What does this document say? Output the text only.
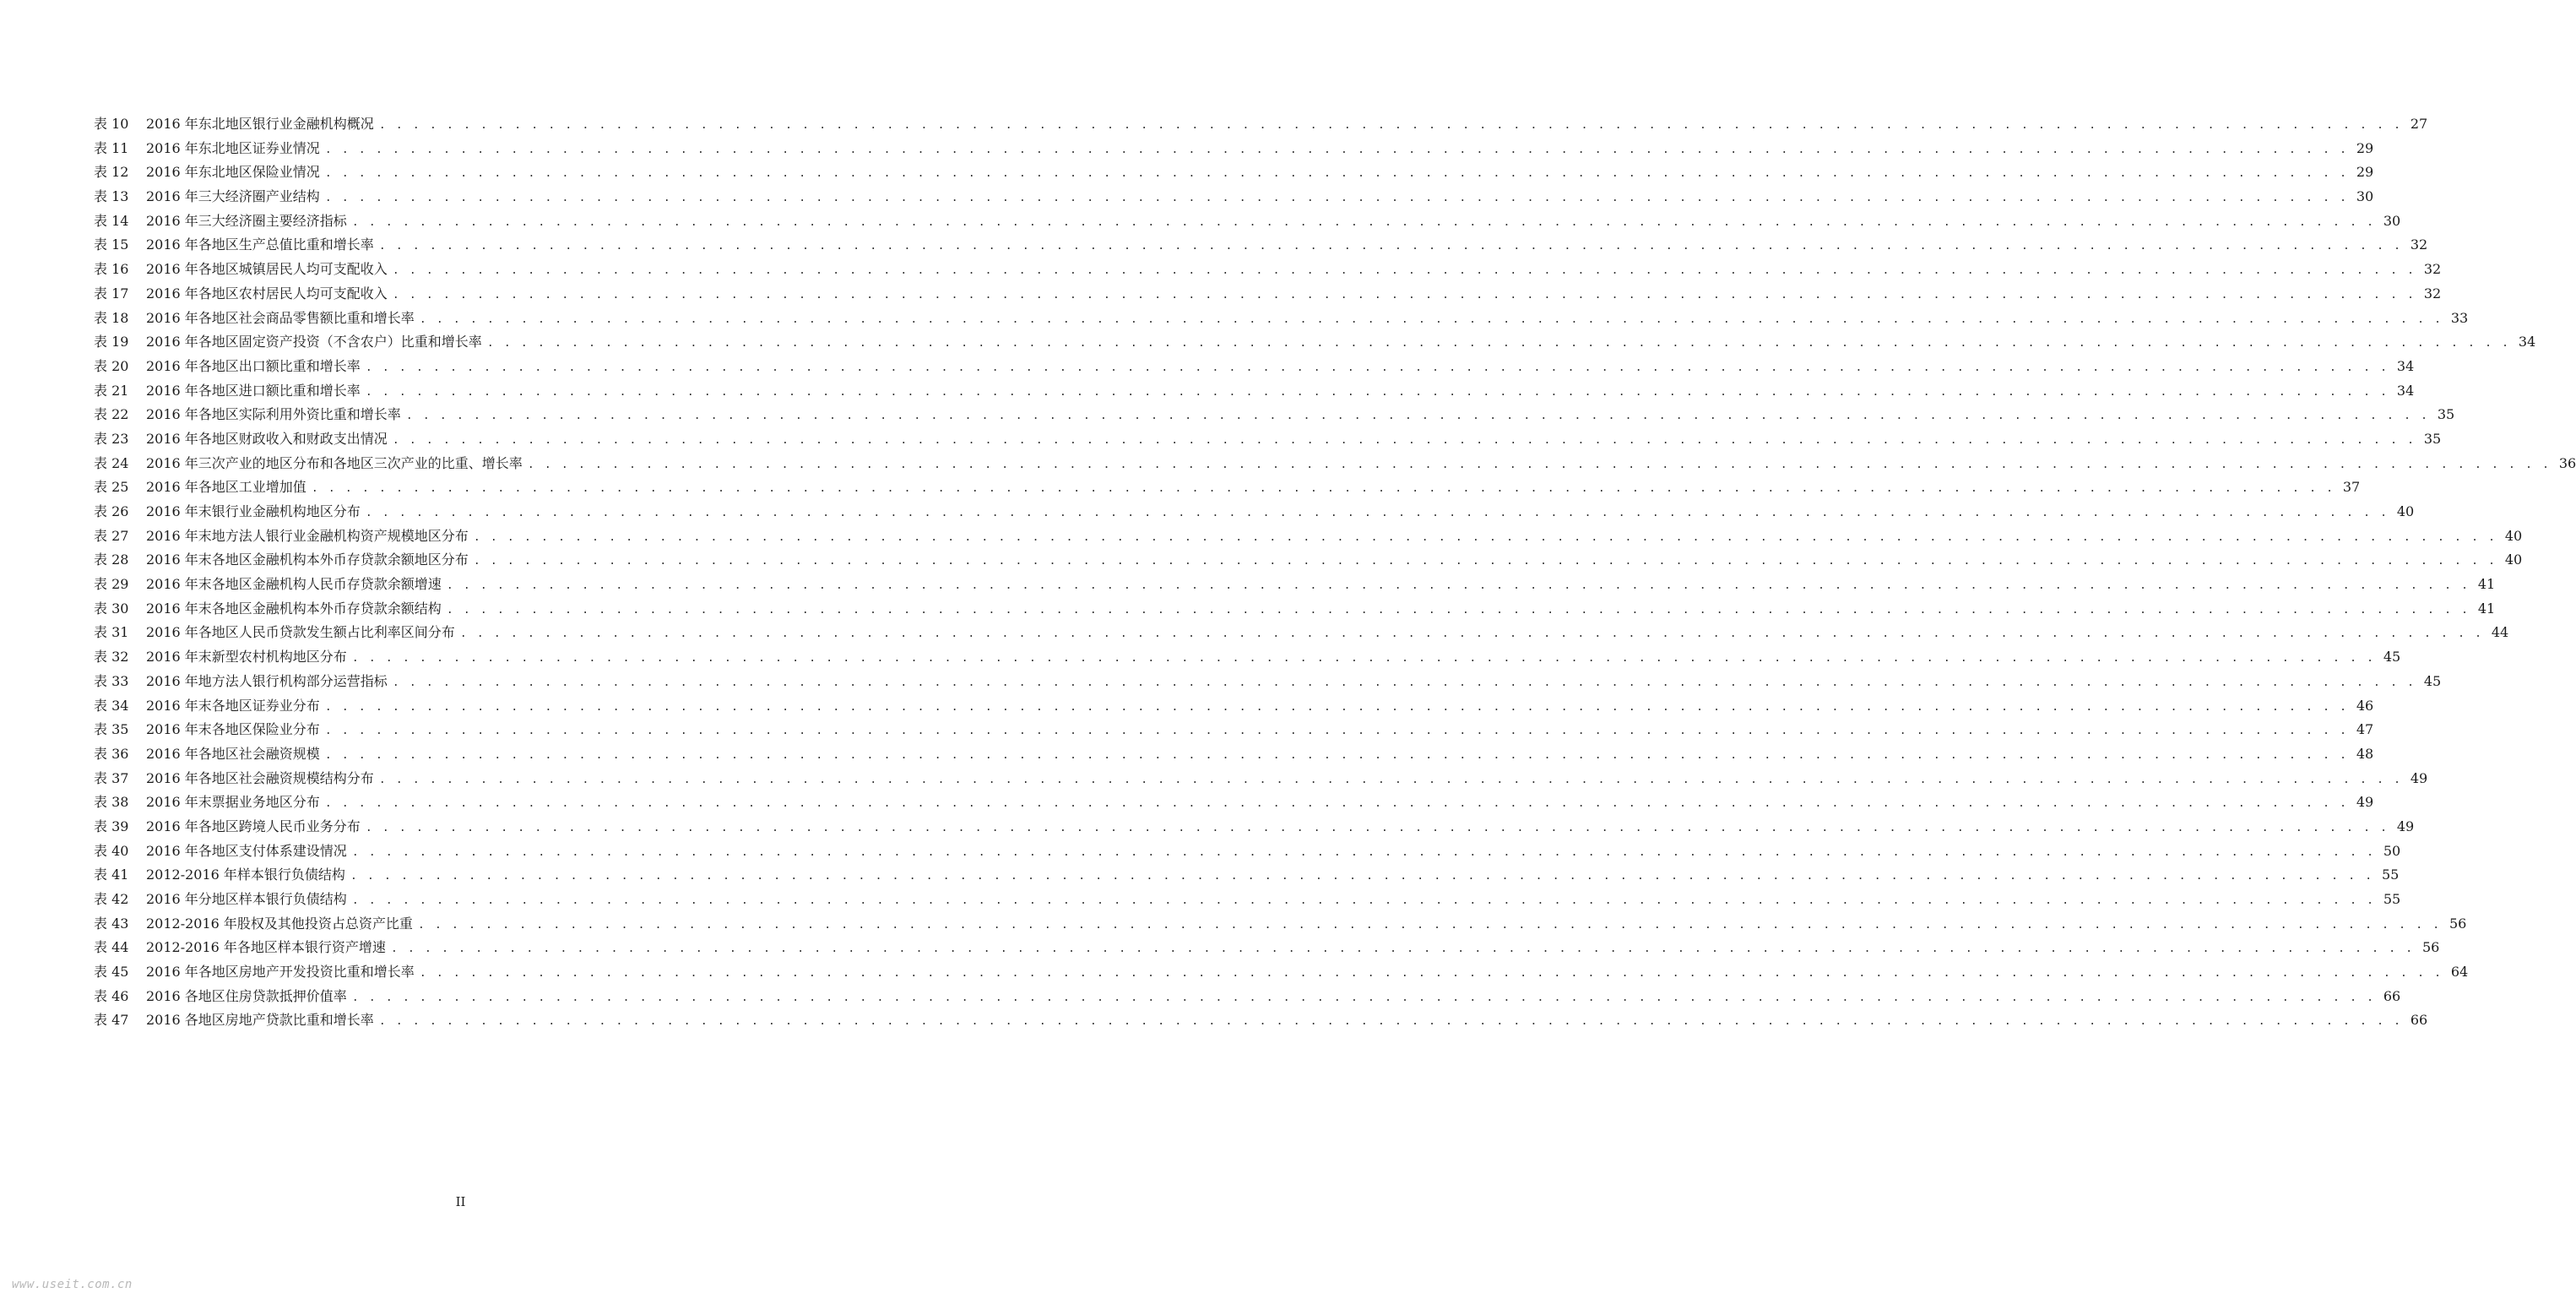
表 10	2016 年东北地区银行业金融机构概况 . . . . . . . . . . . . . . . . . . . . . . . . . . . . . . . . . . . . . . . . . . . . . . . . . . . . . . . . . . . . . . . . . . . . . . . . . . . . . . . . . . . . . . . . . . . . . . . . . . . . . . . . . . . . . . . . . . . . . . . . 27
表 11	2016 年东北地区证券业情况 . . . . . . . . . . . . . . . . . . . . . . . . . . . . . . . . . . . . . . . . . . . . . . . . . . . . . . . . . . . . . . . . . . . . . . . . . . . . . . . . . . . . . . . . . . . . . . . . . . . . . . . . . . . . . . . . . . . . . . . . 29
表 12	2016 年东北地区保险业情况 . . . . . . . . . . . . . . . . . . . . . . . . . . . . . . . . . . . . . . . . . . . . . . . . . . . . . . . . . . . . . . . . . . . . . . . . . . . . . . . . . . . . . . . . . . . . . . . . . . . . . . . . . . . . . . . . . . . . . . . . 29
表 13	2016 年三大经济圈产业结构 . . . . . . . . . . . . . . . . . . . . . . . . . . . . . . . . . . . . . . . . . . . . . . . . . . . . . . . . . . . . . . . . . . . . . . . . . . . . . . . . . . . . . . . . . . . . . . . . . . . . . . . . . . . . . . . . . . . . . . . . 30
表 14	2016 年三大经济圈主要经济指标 . . . . . . . . . . . . . . . . . . . . . . . . . . . . . . . . . . . . . . . . . . . . . . . . . . . . . . . . . . . . . . . . . . . . . . . . . . . . . . . . . . . . . . . . . . . . . . . . . . . . . . . . . . . . . . . . . . . . . . . . 30
表 15	2016 年各地区生产总值比重和增长率 . . . . . . . . . . . . . . . . . . . . . . . . . . . . . . . . . . . . . . . . . . . . . . . . . . . . . . . . . . . . . . . . . . . . . . . . . . . . . . . . . . . . . . . . . . . . . . . . . . . . . . . . . . . . . . . . . . . . . . . . 32
表 16	2016 年各地区城镇居民人均可支配收入 . . . . . . . . . . . . . . . . . . . . . . . . . . . . . . . . . . . . . . . . . . . . . . . . . . . . . . . . . . . . . . . . . . . . . . . . . . . . . . . . . . . . . . . . . . . . . . . . . . . . . . . . . . . . . . . . . . . . . . . . 32
表 17	2016 年各地区农村居民人均可支配收入 . . . . . . . . . . . . . . . . . . . . . . . . . . . . . . . . . . . . . . . . . . . . . . . . . . . . . . . . . . . . . . . . . . . . . . . . . . . . . . . . . . . . . . . . . . . . . . . . . . . . . . . . . . . . . . . . . . . . . . . . 32
表 18	2016 年各地区社会商品零售额比重和增长率 . . . . . . . . . . . . . . . . . . . . . . . . . . . . . . . . . . . . . . . . . . . . . . . . . . . . . . . . . . . . . . . . . . . . . . . . . . . . . . . . . . . . . . . . . . . . . . . . . . . . . . . . . . . . . . . . . . . . . . . . 33
表 19	2016 年各地区固定资产投资（不含农户）比重和增长率 . . . . . . . . . . . . . . . . . . . . . . . . . . . . . . . . . . . . . . . . . . . . . . . . . . . . . . . . . . . . . . . . . . . . . . . . . . . . . . . . . . . . . . . . . . . . . . . . . . . . . . . . . . . . . . . . . . . . . . . . 34
表 20	2016 年各地区出口额比重和增长率 . . . . . . . . . . . . . . . . . . . . . . . . . . . . . . . . . . . . . . . . . . . . . . . . . . . . . . . . . . . . . . . . . . . . . . . . . . . . . . . . . . . . . . . . . . . . . . . . . . . . . . . . . . . . . . . . . . . . . . . . 34
表 21	2016 年各地区进口额比重和增长率 . . . . . . . . . . . . . . . . . . . . . . . . . . . . . . . . . . . . . . . . . . . . . . . . . . . . . . . . . . . . . . . . . . . . . . . . . . . . . . . . . . . . . . . . . . . . . . . . . . . . . . . . . . . . . . . . . . . . . . . . 34
表 22	2016 年各地区实际利用外资比重和增长率 . . . . . . . . . . . . . . . . . . . . . . . . . . . . . . . . . . . . . . . . . . . . . . . . . . . . . . . . . . . . . . . . . . . . . . . . . . . . . . . . . . . . . . . . . . . . . . . . . . . . . . . . . . . . . . . . . . . . . . . . 35
表 23	2016 年各地区财政收入和财政支出情况 . . . . . . . . . . . . . . . . . . . . . . . . . . . . . . . . . . . . . . . . . . . . . . . . . . . . . . . . . . . . . . . . . . . . . . . . . . . . . . . . . . . . . . . . . . . . . . . . . . . . . . . . . . . . . . . . . . . . . . . . 35
表 24	2016 年三次产业的地区分布和各地区三次产业的比重、增长率 . . . . . . . . . . . . . . . . . . . . . . . . . . . . . . . . . . . . . . . . . . . . . . . . . . . . . . . . . . . . . . . . . . . . . . . . . . . . . . . . . . . . . . . . . . . . . . . . . . . . . . . . . . . . . . . . . . . . . . . . 36
表 25	2016 年各地区工业增加值 . . . . . . . . . . . . . . . . . . . . . . . . . . . . . . . . . . . . . . . . . . . . . . . . . . . . . . . . . . . . . . . . . . . . . . . . . . . . . . . . . . . . . . . . . . . . . . . . . . . . . . . . . . . . . . . . . . . . . . . . 37
表 26	2016 年末银行业金融机构地区分布 . . . . . . . . . . . . . . . . . . . . . . . . . . . . . . . . . . . . . . . . . . . . . . . . . . . . . . . . . . . . . . . . . . . . . . . . . . . . . . . . . . . . . . . . . . . . . . . . . . . . . . . . . . . . . . . . . . . . . . . . 40
表 27	2016 年末地方法人银行业金融机构资产规模地区分布 . . . . . . . . . . . . . . . . . . . . . . . . . . . . . . . . . . . . . . . . . . . . . . . . . . . . . . . . . . . . . . . . . . . . . . . . . . . . . . . . . . . . . . . . . . . . . . . . . . . . . . . . . . . . . . . . . . . . . . . . 40
表 28	2016 年末各地区金融机构本外币存贷款余额地区分布 . . . . . . . . . . . . . . . . . . . . . . . . . . . . . . . . . . . . . . . . . . . . . . . . . . . . . . . . . . . . . . . . . . . . . . . . . . . . . . . . . . . . . . . . . . . . . . . . . . . . . . . . . . . . . . . . . . . . . . . . 40
表 29	2016 年末各地区金融机构人民币存贷款余额增速 . . . . . . . . . . . . . . . . . . . . . . . . . . . . . . . . . . . . . . . . . . . . . . . . . . . . . . . . . . . . . . . . . . . . . . . . . . . . . . . . . . . . . . . . . . . . . . . . . . . . . . . . . . . . . . . . . . . . . . . . 41
表 30	2016 年末各地区金融机构本外币存贷款余额结构 . . . . . . . . . . . . . . . . . . . . . . . . . . . . . . . . . . . . . . . . . . . . . . . . . . . . . . . . . . . . . . . . . . . . . . . . . . . . . . . . . . . . . . . . . . . . . . . . . . . . . . . . . . . . . . . . . . . . . . . . 41
表 31	2016 年各地区人民币贷款发生额占比利率区间分布 . . . . . . . . . . . . . . . . . . . . . . . . . . . . . . . . . . . . . . . . . . . . . . . . . . . . . . . . . . . . . . . . . . . . . . . . . . . . . . . . . . . . . . . . . . . . . . . . . . . . . . . . . . . . . . . . . . . . . . . . 44
表 32	2016 年末新型农村机构地区分布 . . . . . . . . . . . . . . . . . . . . . . . . . . . . . . . . . . . . . . . . . . . . . . . . . . . . . . . . . . . . . . . . . . . . . . . . . . . . . . . . . . . . . . . . . . . . . . . . . . . . . . . . . . . . . . . . . . . . . . . . 45
表 33	2016 年地方法人银行机构部分运营指标 . . . . . . . . . . . . . . . . . . . . . . . . . . . . . . . . . . . . . . . . . . . . . . . . . . . . . . . . . . . . . . . . . . . . . . . . . . . . . . . . . . . . . . . . . . . . . . . . . . . . . . . . . . . . . . . . . . . . . . . . 45
表 34	2016 年末各地区证券业分布 . . . . . . . . . . . . . . . . . . . . . . . . . . . . . . . . . . . . . . . . . . . . . . . . . . . . . . . . . . . . . . . . . . . . . . . . . . . . . . . . . . . . . . . . . . . . . . . . . . . . . . . . . . . . . . . . . . . . . . . . 46
表 35	2016 年末各地区保险业分布 . . . . . . . . . . . . . . . . . . . . . . . . . . . . . . . . . . . . . . . . . . . . . . . . . . . . . . . . . . . . . . . . . . . . . . . . . . . . . . . . . . . . . . . . . . . . . . . . . . . . . . . . . . . . . . . . . . . . . . . . 47
表 36	2016 年各地区社会融资规模 . . . . . . . . . . . . . . . . . . . . . . . . . . . . . . . . . . . . . . . . . . . . . . . . . . . . . . . . . . . . . . . . . . . . . . . . . . . . . . . . . . . . . . . . . . . . . . . . . . . . . . . . . . . . . . . . . . . . . . . . 48
表 37	2016 年各地区社会融资规模结构分布 . . . . . . . . . . . . . . . . . . . . . . . . . . . . . . . . . . . . . . . . . . . . . . . . . . . . . . . . . . . . . . . . . . . . . . . . . . . . . . . . . . . . . . . . . . . . . . . . . . . . . . . . . . . . . . . . . . . . . . . . 49
表 38	2016 年末票据业务地区分布 . . . . . . . . . . . . . . . . . . . . . . . . . . . . . . . . . . . . . . . . . . . . . . . . . . . . . . . . . . . . . . . . . . . . . . . . . . . . . . . . . . . . . . . . . . . . . . . . . . . . . . . . . . . . . . . . . . . . . . . . 49
表 39	2016 年各地区跨境人民币业务分布 . . . . . . . . . . . . . . . . . . . . . . . . . . . . . . . . . . . . . . . . . . . . . . . . . . . . . . . . . . . . . . . . . . . . . . . . . . . . . . . . . . . . . . . . . . . . . . . . . . . . . . . . . . . . . . . . . . . . . . . . 49
表 40	2016 年各地区支付体系建设情况 . . . . . . . . . . . . . . . . . . . . . . . . . . . . . . . . . . . . . . . . . . . . . . . . . . . . . . . . . . . . . . . . . . . . . . . . . . . . . . . . . . . . . . . . . . . . . . . . . . . . . . . . . . . . . . . . . . . . . . . . 50
表 41	2012-2016 年样本银行负债结构 . . . . . . . . . . . . . . . . . . . . . . . . . . . . . . . . . . . . . . . . . . . . . . . . . . . . . . . . . . . . . . . . . . . . . . . . . . . . . . . . . . . . . . . . . . . . . . . . . . . . . . . . . . . . . . . . . . . . . . . . 55
表 42	2016 年分地区样本银行负债结构 . . . . . . . . . . . . . . . . . . . . . . . . . . . . . . . . . . . . . . . . . . . . . . . . . . . . . . . . . . . . . . . . . . . . . . . . . . . . . . . . . . . . . . . . . . . . . . . . . . . . . . . . . . . . . . . . . . . . . . . . 55
表 43	2012-2016 年股权及其他投资占总资产比重 . . . . . . . . . . . . . . . . . . . . . . . . . . . . . . . . . . . . . . . . . . . . . . . . . . . . . . . . . . . . . . . . . . . . . . . . . . . . . . . . . . . . . . . . . . . . . . . . . . . . . . . . . . . . . . . . . . . . . . . . 56
表 44	2012-2016 年各地区样本银行资产增速 . . . . . . . . . . . . . . . . . . . . . . . . . . . . . . . . . . . . . . . . . . . . . . . . . . . . . . . . . . . . . . . . . . . . . . . . . . . . . . . . . . . . . . . . . . . . . . . . . . . . . . . . . . . . . . . . . . . . . . . . 56
表 45	2016 年各地区房地产开发投资比重和增长率 . . . . . . . . . . . . . . . . . . . . . . . . . . . . . . . . . . . . . . . . . . . . . . . . . . . . . . . . . . . . . . . . . . . . . . . . . . . . . . . . . . . . . . . . . . . . . . . . . . . . . . . . . . . . . . . . . . . . . . . . 64
表 46	2016 各地区住房贷款抵押价值率 . . . . . . . . . . . . . . . . . . . . . . . . . . . . . . . . . . . . . . . . . . . . . . . . . . . . . . . . . . . . . . . . . . . . . . . . . . . . . . . . . . . . . . . . . . . . . . . . . . . . . . . . . . . . . . . . . . . . . . . . 66
表 47	2016 各地区房地产贷款比重和增长率 . . . . . . . . . . . . . . . . . . . . . . . . . . . . . . . . . . . . . . . . . . . . . . . . . . . . . . . . . . . . . . . . . . . . . . . . . . . . . . . . . . . . . . . . . . . . . . . . . . . . . . . . . . . . . . . . . . . . . . . . 66
II
www.useit.com.cn
